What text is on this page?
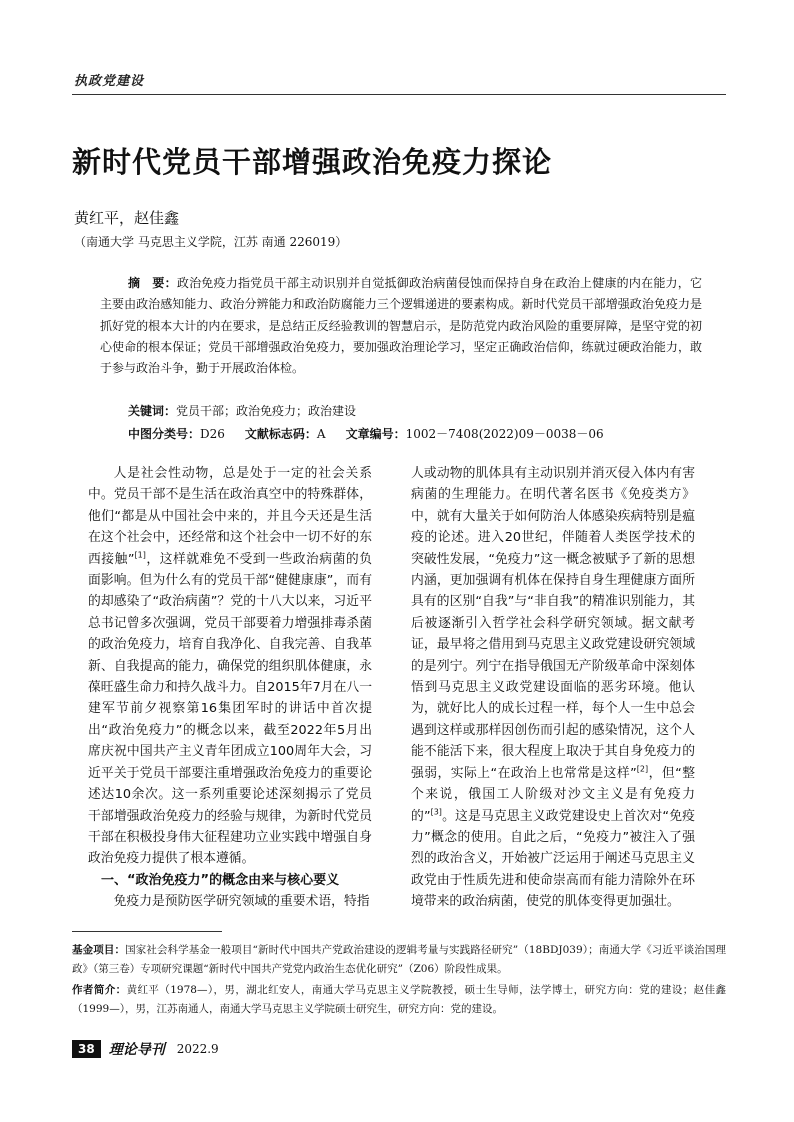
执政党建设
新时代党员干部增强政治免疫力探论
黄红平，赵佳鑫
（南通大学 马克思主义学院，江苏 南通 226019）

摘　要：政治免疫力指党员干部主动识别并自觉抵御政治病菌侵蚀而保持自身在政治上健康的内在能力，它主要由政治感知能力、政治分辨能力和政治防腐能力三个逻辑递进的要素构成。新时代党员干部增强政治免疫力是抓好党的根本大计的内在要求，是总结正反经验教训的智慧启示，是防范党内政治风险的重要屏障，是坚守党的初心使命的根本保证；党员干部增强政治免疫力，要加强政治理论学习，坚定正确政治信仰，练就过硬政治能力，敢于参与政治斗争，勤于开展政治体检。

关键词：党员干部；政治免疫力；政治建设
中图分类号：D26 文献标志码：A 文章编号：1002－7408(2022)09－0038－06

人是社会性动物，总是处于一定的社会关系中。党员干部不是生活在政治真空中的特殊群体，他们“都是从中国社会中来的，并且今天还是生活在这个社会中，还经常和这个社会中一切不好的东西接触”[1]，这样就难免不受到一些政治病菌的负面影响。但为什么有的党员干部“健健康康”，而有的却感染了“政治病菌”？党的十八大以来，习近平总书记曾多次强调，党员干部要着力增强排毒杀菌的政治免疫力，培育自我净化、自我完善、自我革新、自我提高的能力，确保党的组织肌体健康，永葆旺盛生命力和持久战斗力。自2015年7月在八一建军节前夕视察第16集团军时的讲话中首次提出“政治免疫力”的概念以来，截至2022年5月出席庆祝中国共产主义青年团成立100周年大会，习近平关于党员干部要注重增强政治免疫力的重要论述达10余次。这一系列重要论述深刻揭示了党员干部增强政治免疫力的经验与规律，为新时代党员干部在积极投身伟大征程建功立业实践中增强自身政治免疫力提供了根本遵循。

一、“政治免疫力”的概念由来与核心要义

免疫力是预防医学研究领域的重要术语，特指

人或动物的肌体具有主动识别并消灭侵入体内有害病菌的生理能力。在明代著名医书《免疫类方》中，就有大量关于如何防治人体感染疾病特别是瘟疫的论述。进入20世纪，伴随着人类医学技术的突破性发展，“免疫力”这一概念被赋予了新的思想内涵，更加强调有机体在保持自身生理健康方面所具有的区别“自我”与“非自我”的精准识别能力，其后被逐渐引入哲学社会科学研究领域。据文献考证，最早将之借用到马克思主义政党建设研究领域的是列宁。列宁在指导俄国无产阶级革命中深刻体悟到马克思主义政党建设面临的恶劣环境。他认为，就好比人的成长过程一样，每个人一生中总会遇到这样或那样因创伤而引起的感染情况，这个人能不能活下来，很大程度上取决于其自身免疫力的强弱，实际上“在政治上也常常是这样”[2]，但“整个来说，俄国工人阶级对沙文主义是有免疫力的”[3]。这是马克思主义政党建设史上首次对“免疫力”概念的使用。自此之后，“免疫力”被注入了强烈的政治含义，开始被广泛运用于阐述马克思主义政党由于性质先进和使命崇高而有能力清除外在环境带来的政治病菌，使党的肌体变得更加强壮。

基金项目：国家社会科学基金一般项目“新时代中国共产党政治建设的逻辑考量与实践路径研究”（18BDJ039）；南通大学《习近平谈治国理政》（第三卷）专项研究课题“新时代中国共产党党内政治生态优化研究”（Z06）阶段性成果。

作者简介：黄红平（1978—），男，湖北红安人，南通大学马克思主义学院教授，硕士生导师，法学博士，研究方向：党的建设；赵佳鑫（1999—），男，江苏南通人，南通大学马克思主义学院硕士研究生，研究方向：党的建设。

38	理论导刊 2022.9
